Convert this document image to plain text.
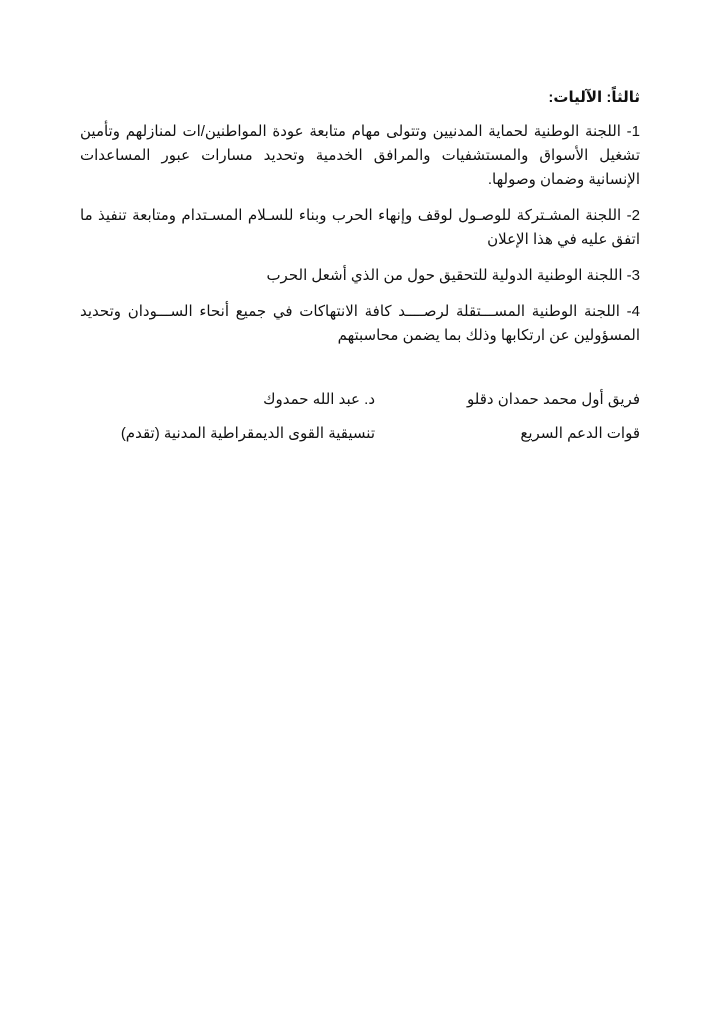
ثالثاً: الآليات:

1- اللجنة الوطنية لحماية المدنيين وتتولى مهام متابعة عودة المواطنين/ات لمنازلهم وتأمين تشغيل الأسواق والمستشفيات والمرافق الخدمية وتحديد مسارات عبور المساعدات الإنسانية وضمان وصولها.

2- اللجنة المشـتركة للوصـول لوقف وإنهاء الحرب وبناء للسـلام المسـتدام ومتابعة تنفيذ ما اتفق عليه في هذا الإعلان

3- اللجنة الوطنية الدولية للتحقيق حول من الذي أشعل الحرب

4- اللجنة الوطنية المســـتقلة لرصــــد كافة الانتهاكات في جميع أنحاء الســـودان وتحديد المسؤولين عن ارتكابها وذلك بما يضمن محاسبتهم

فريق أول محمد حمدان دقلو
د. عبد الله حمدوك
قوات الدعم السريع
تنسيقية القوى الديمقراطية المدنية (تقدم)
